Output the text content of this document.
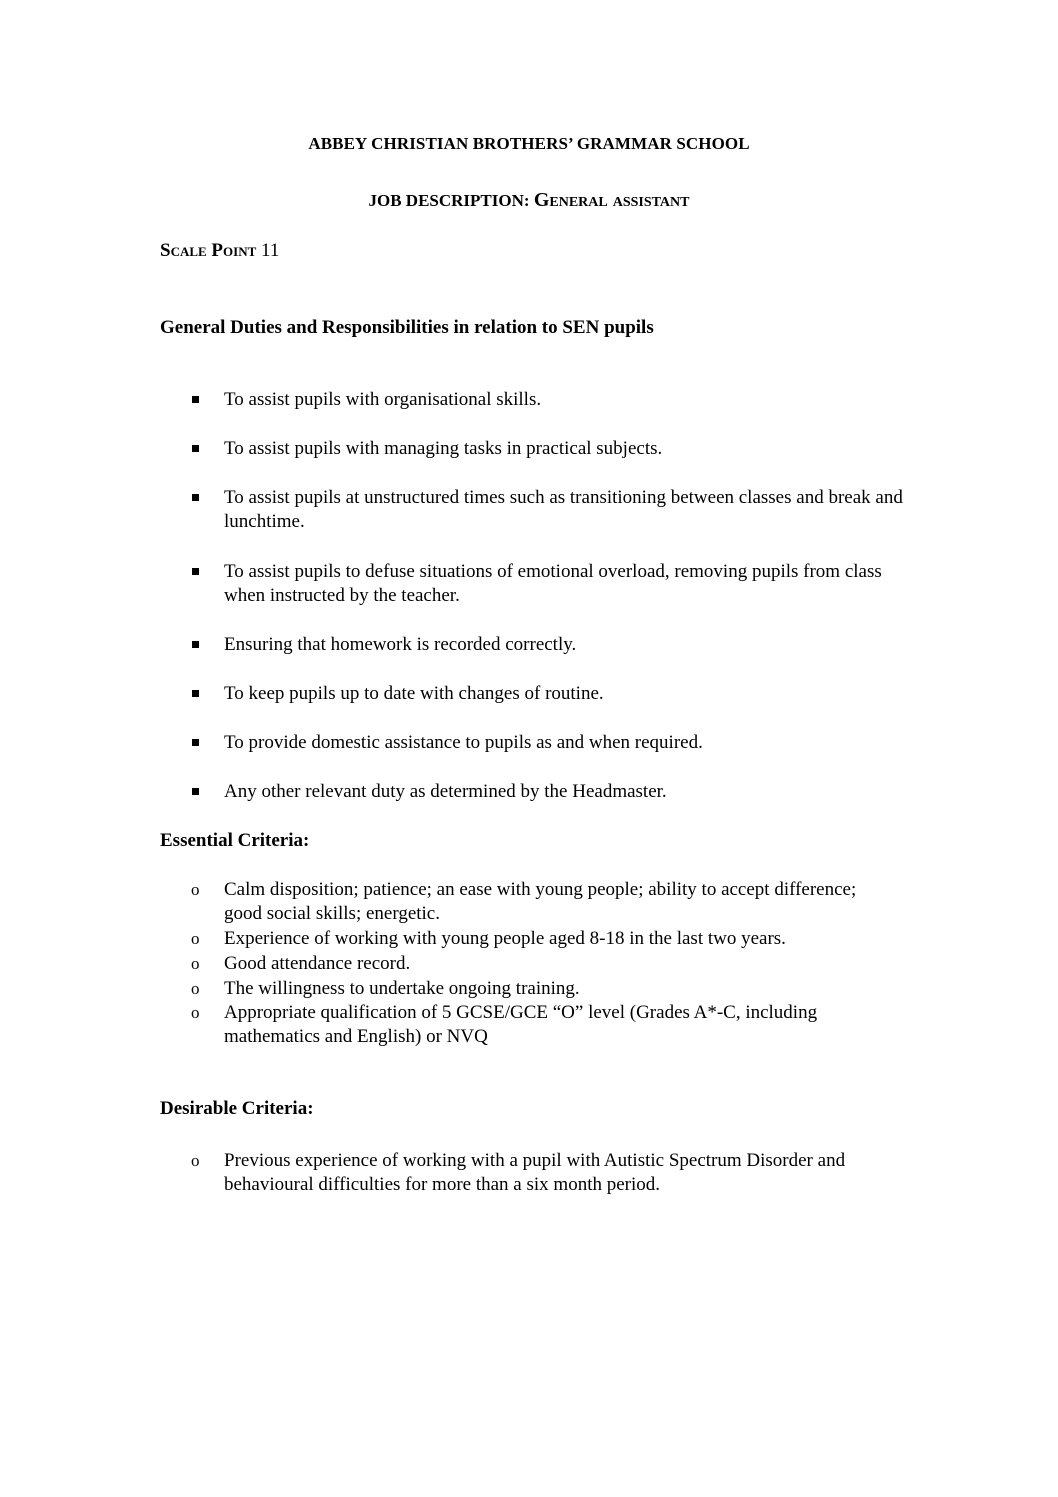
ABBEY CHRISTIAN BROTHERS’ GRAMMAR SCHOOL
JOB DESCRIPTION: General assistant
Scale Point 11
General Duties and Responsibilities in relation to SEN pupils
To assist pupils with organisational skills.
To assist pupils with managing tasks in practical subjects.
To assist pupils at unstructured times such as transitioning between classes and break and lunchtime.
To assist pupils to defuse situations of emotional overload, removing pupils from class when instructed by the teacher.
Ensuring that homework is recorded correctly.
To keep pupils up to date with changes of routine.
To provide domestic assistance to pupils as and when required.
Any other relevant duty as determined by the Headmaster.
Essential Criteria:
o Calm disposition; patience; an ease with young people; ability to accept difference; good social skills; energetic.
o Experience of working with young people aged 8-18 in the last two years.
o Good attendance record.
o The willingness to undertake ongoing training.
o Appropriate qualification of 5 GCSE/GCE “O” level (Grades A*-C, including mathematics and English) or NVQ
Desirable Criteria:
o Previous experience of working with a pupil with Autistic Spectrum Disorder and behavioural difficulties for more than a six month period.
